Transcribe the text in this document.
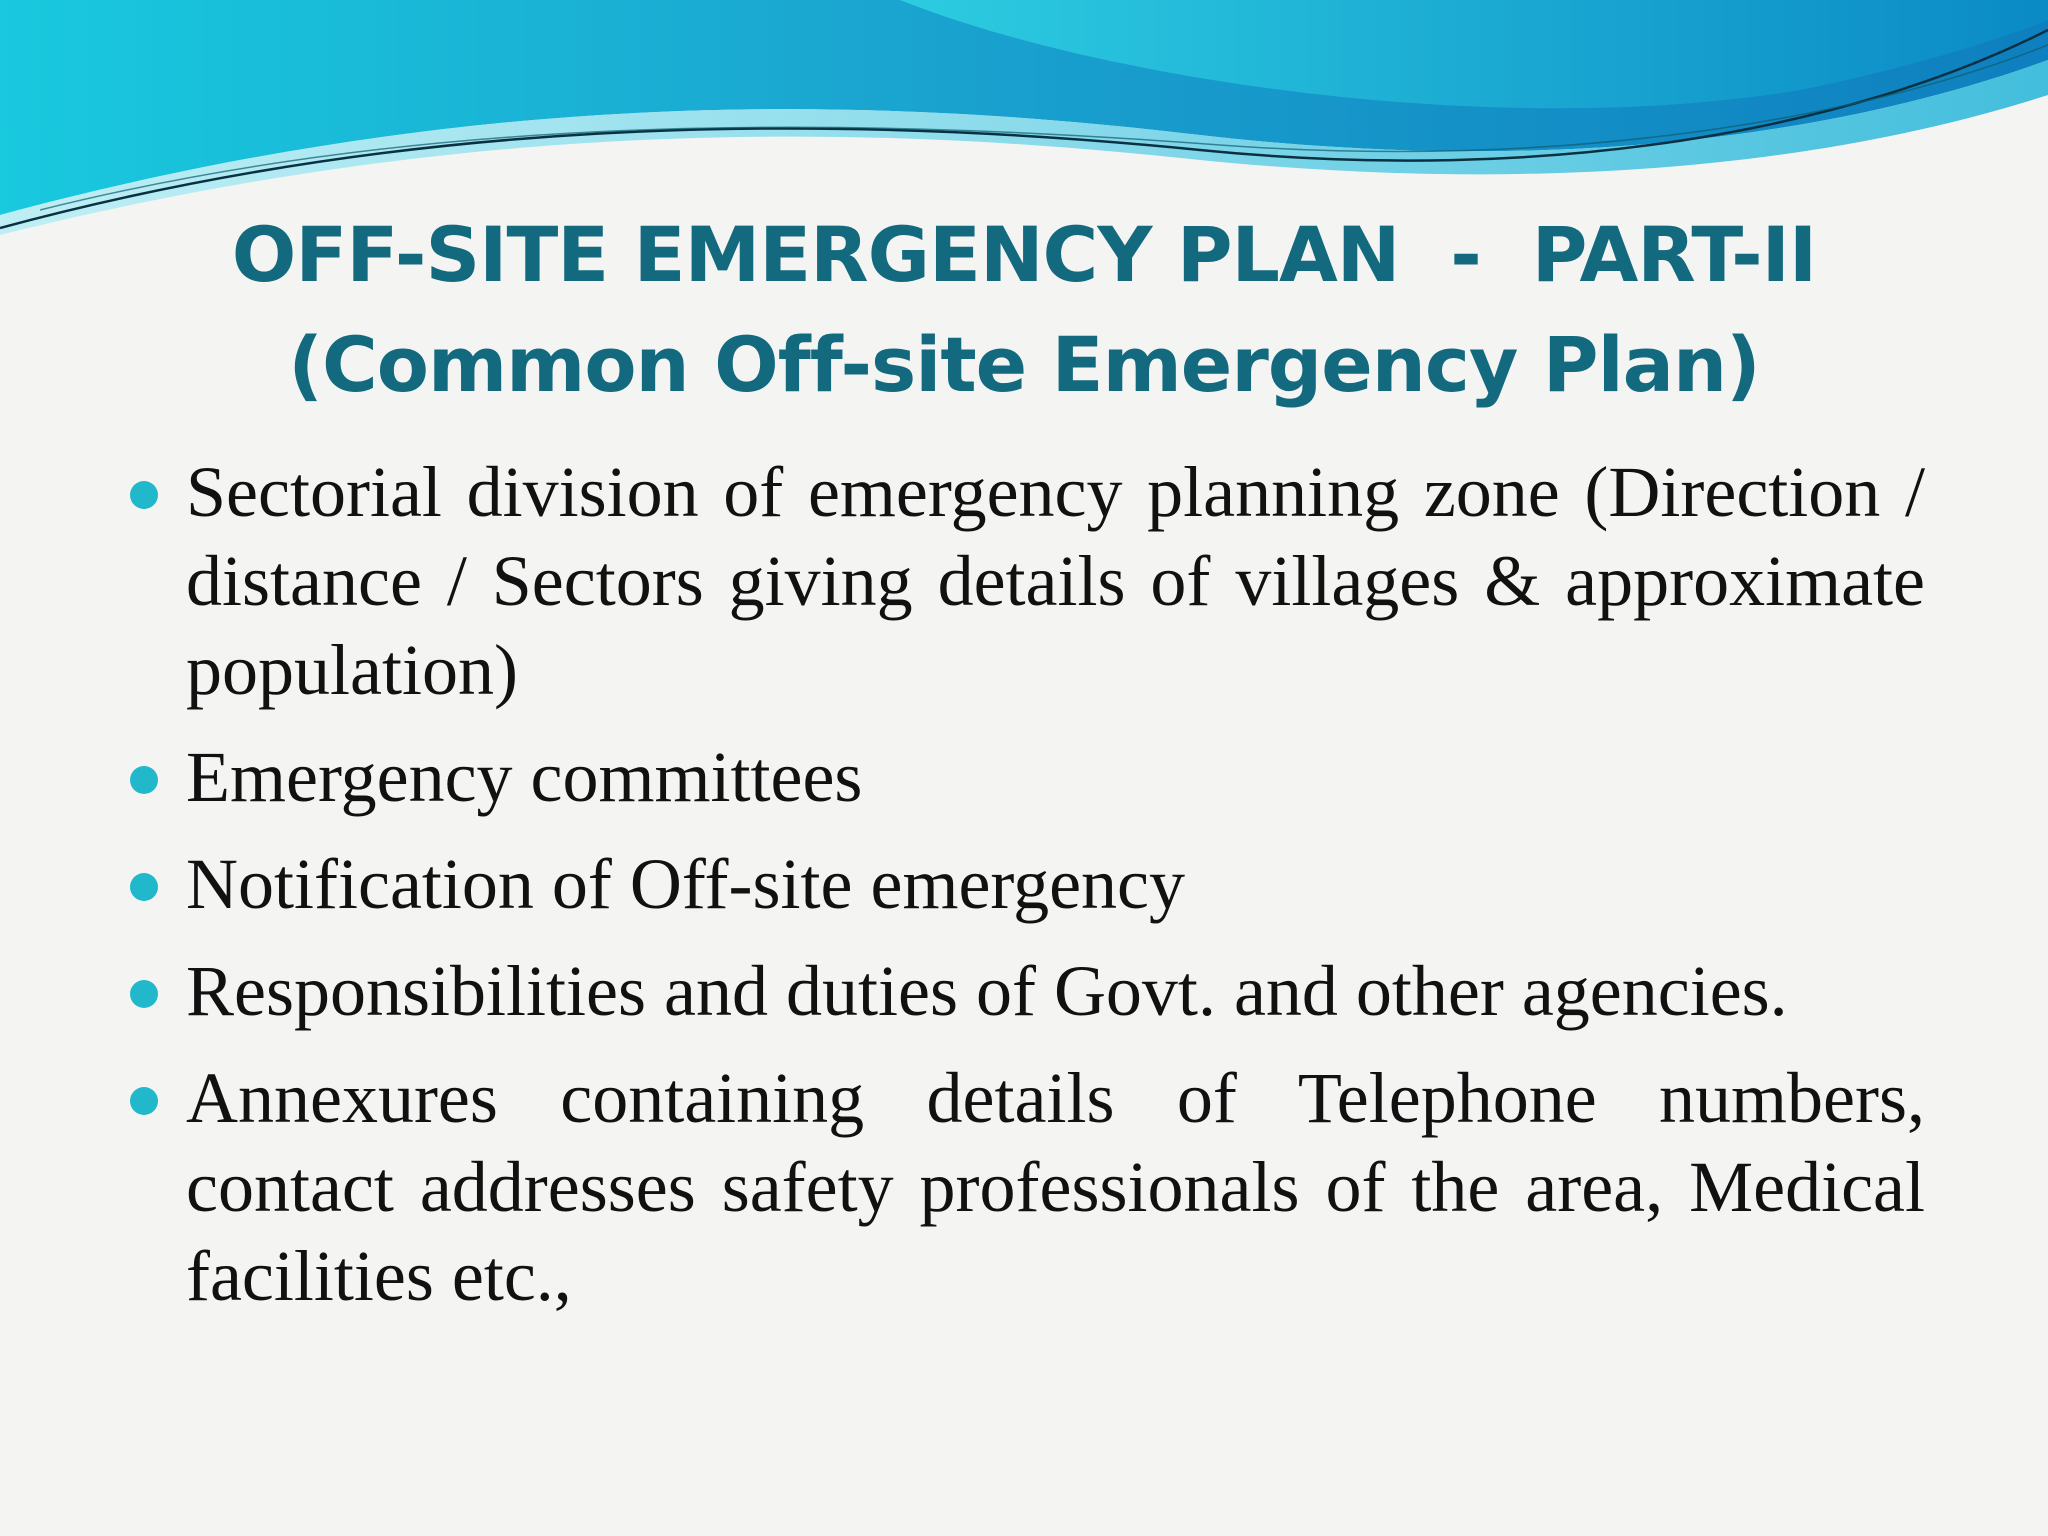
OFF-SITE EMERGENCY PLAN  -  PART-II
(Common Off-site Emergency Plan)
Sectorial division of emergency planning zone (Direction / distance / Sectors giving details of villages & approximate population)
Emergency committees
Notification of Off-site emergency
Responsibilities and duties of Govt. and other agencies.
Annexures containing details of Telephone numbers, contact addresses safety professionals of the area, Medical facilities etc.,
